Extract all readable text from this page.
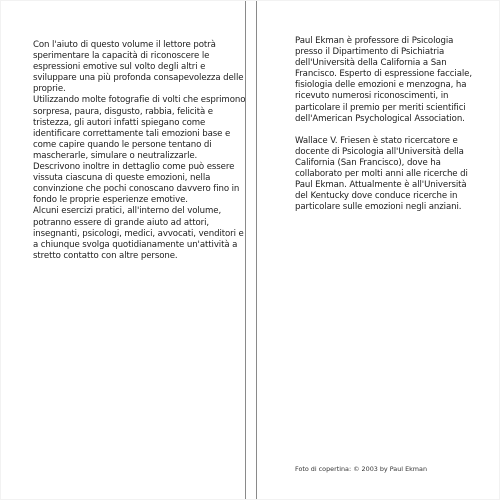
Con l'aiuto di questo volume il lettore potrà sperimentare la capacità di riconoscere le espressioni emotive sul volto degli altri e sviluppare una più profonda consapevolezza delle proprie.

Utilizzando molte fotografie di volti che esprimono sorpresa, paura, disgusto, rabbia, felicità e tristezza, gli autori infatti spiegano come identificare correttamente tali emozioni base e come capire quando le persone tentano di mascherarle, simulare o neutralizzarle.

Descrivono inoltre in dettaglio come può essere vissuta ciascuna di queste emozioni, nella convinzione che pochi conoscano davvero fino in fondo le proprie esperienze emotive.

Alcuni esercizi pratici, all'interno del volume, potranno essere di grande aiuto ad attori, insegnanti, psicologi, medici, avvocati, venditori e a chiunque svolga quotidianamente un'attività a stretto contatto con altre persone.

Paul Ekman è professore di Psicologia presso il Dipartimento di Psichiatria dell'Università della California a San Francisco. Esperto di espressione facciale, fisiologia delle emozioni e menzogna, ha ricevuto numerosi riconoscimenti, in particolare il premio per meriti scientifici dell'American Psychological Association.

Wallace V. Friesen è stato ricercatore e docente di Psicologia all'Università della California (San Francisco), dove ha collaborato per molti anni alle ricerche di Paul Ekman. Attualmente è all'Università del Kentucky dove conduce ricerche in particolare sulle emozioni negli anziani.

Foto di copertina: © 2003 by Paul Ekman
